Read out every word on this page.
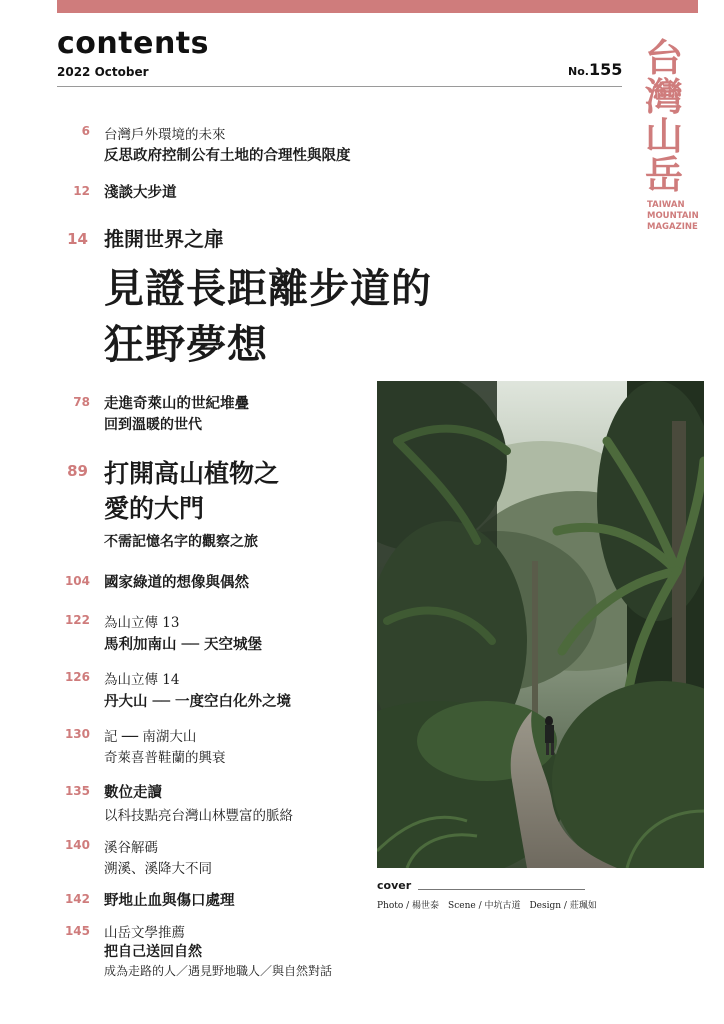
contents
2022 October	No.155 台
灣
山
岳
TAIWAN
MOUNTAIN
MAGAZINE
6 台灣戶外環境的未來
反思政府控制公有土地的合理性與限度
12 淺談大步道
14 推開世界之扉
見證長距離步道的
狂野夢想
78 走進奇萊山的世紀堆疊
回到溫暖的世代
89 打開高山植物之
愛的大門
不需記憶名字的觀察之旅
104 國家綠道的想像與偶然
122 為山立傳 13
馬利加南山 ── 天空城堡
126 為山立傳 14
丹大山 ── 一度空白化外之境
130 記 ── 南湖大山
奇萊喜普鞋蘭的興衰
135 數位走讀
以科技點亮台灣山林豐富的脈絡
140 溪谷解碼
溯溪、溪降大不同
142 野地止血與傷口處理
145 山岳文學推薦
把自己送回自然
成為走路的人／遇見野地職人／與自然對話
cover
Photo / 楊世泰　Scene / 中坑古道　Design / 莊珮如
